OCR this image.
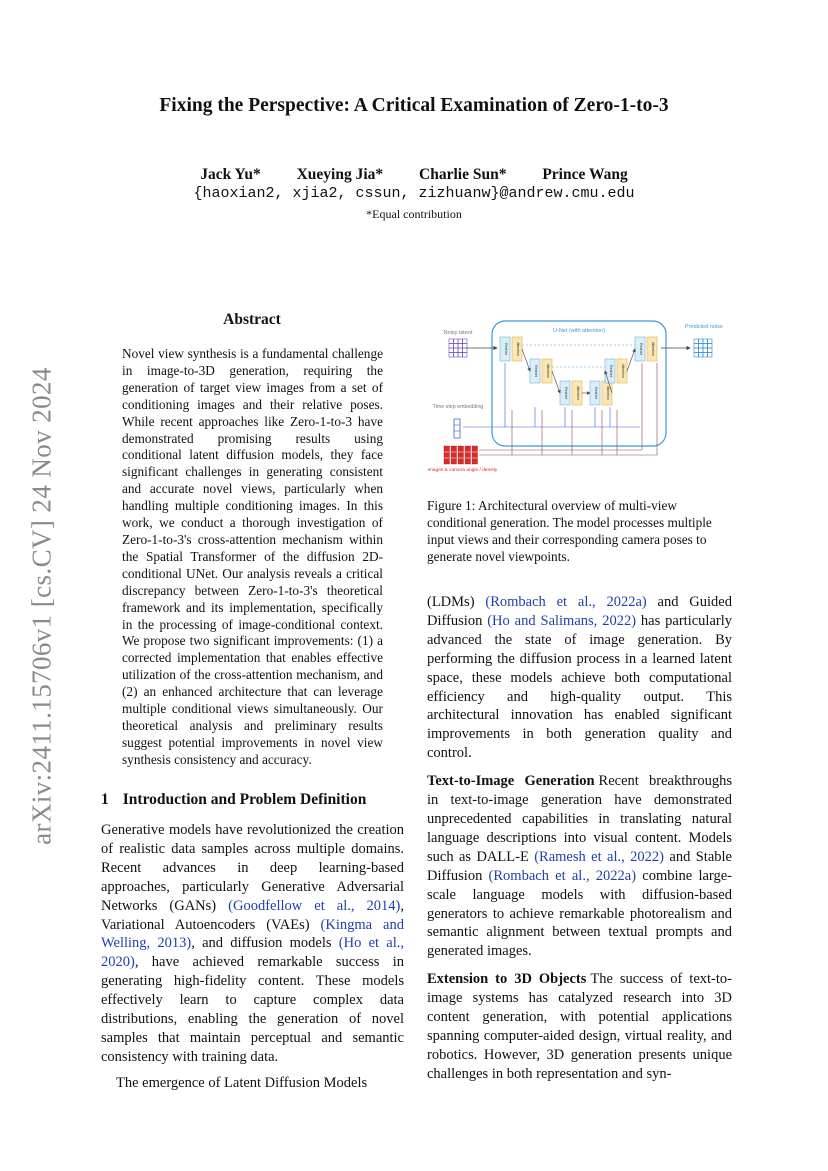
arXiv:2411.15706v1 [cs.CV] 24 Nov 2024
Fixing the Perspective: A Critical Examination of Zero-1-to-3
Jack Yu* Xueying Jia* Charlie Sun* Prince Wang
{haoxian2, xjia2, cssun, zizhuanw}@andrew.cmu.edu
*Equal contribution
Abstract
Novel view synthesis is a fundamental challenge in image-to-3D generation, requiring the generation of target view images from a set of conditioning images and their relative poses. While recent approaches like Zero-1-to-3 have demonstrated promising results using conditional latent diffusion models, they face significant challenges in generating consistent and accurate novel views, particularly when handling multiple conditioning images. In this work, we conduct a thorough investigation of Zero-1-to-3's cross-attention mechanism within the Spatial Transformer of the diffusion 2D-conditional UNet. Our analysis reveals a critical discrepancy between Zero-1-to-3's theoretical framework and its implementation, specifically in the processing of image-conditional context. We propose two significant improvements: (1) a corrected implementation that enables effective utilization of the cross-attention mechanism, and (2) an enhanced architecture that can leverage multiple conditional views simultaneously. Our theoretical analysis and preliminary results suggest potential improvements in novel view synthesis consistency and accuracy.
1 Introduction and Problem Definition

Generative models have revolutionized the creation of realistic data samples across multiple domains. Recent advances in deep learning-based approaches, particularly Generative Adversarial Networks (GANs) (Goodfellow et al., 2014), Variational Autoencoders (VAEs) (Kingma and Welling, 2013), and diffusion models (Ho et al., 2020), have achieved remarkable success in generating high-fidelity content. These models effectively learn to capture complex data distributions, enabling the generation of novel samples that maintain perceptual and semantic consistency with training data.

The emergence of Latent Diffusion Models

Noisy latent	U-Net (with attention)
Predicted noise
ResNet Attention
ResNet Attention
ResNet Attention	ResNet Attention
ResNet Attention
ResNet Attention
Time step embedding
N Images & camera angle / density
Figure 1: Architectural overview of multi-view conditional generation. The model processes multiple input views and their corresponding camera poses to generate novel viewpoints.

(LDMs) (Rombach et al., 2022a) and Guided Diffusion (Ho and Salimans, 2022) has particularly advanced the state of image generation. By performing the diffusion process in a learned latent space, these models achieve both computational efficiency and high-quality output. This architectural innovation has enabled significant improvements in both generation quality and control.

Text-to-Image Generation Recent breakthroughs in text-to-image generation have demonstrated unprecedented capabilities in translating natural language descriptions into visual content. Models such as DALL-E (Ramesh et al., 2022) and Stable Diffusion (Rombach et al., 2022a) combine large-scale language models with diffusion-based generators to achieve remarkable photorealism and semantic alignment between textual prompts and generated images.

Extension to 3D Objects The success of text-to-image systems has catalyzed research into 3D content generation, with potential applications spanning computer-aided design, virtual reality, and robotics. However, 3D generation presents unique challenges in both representation and syn-
